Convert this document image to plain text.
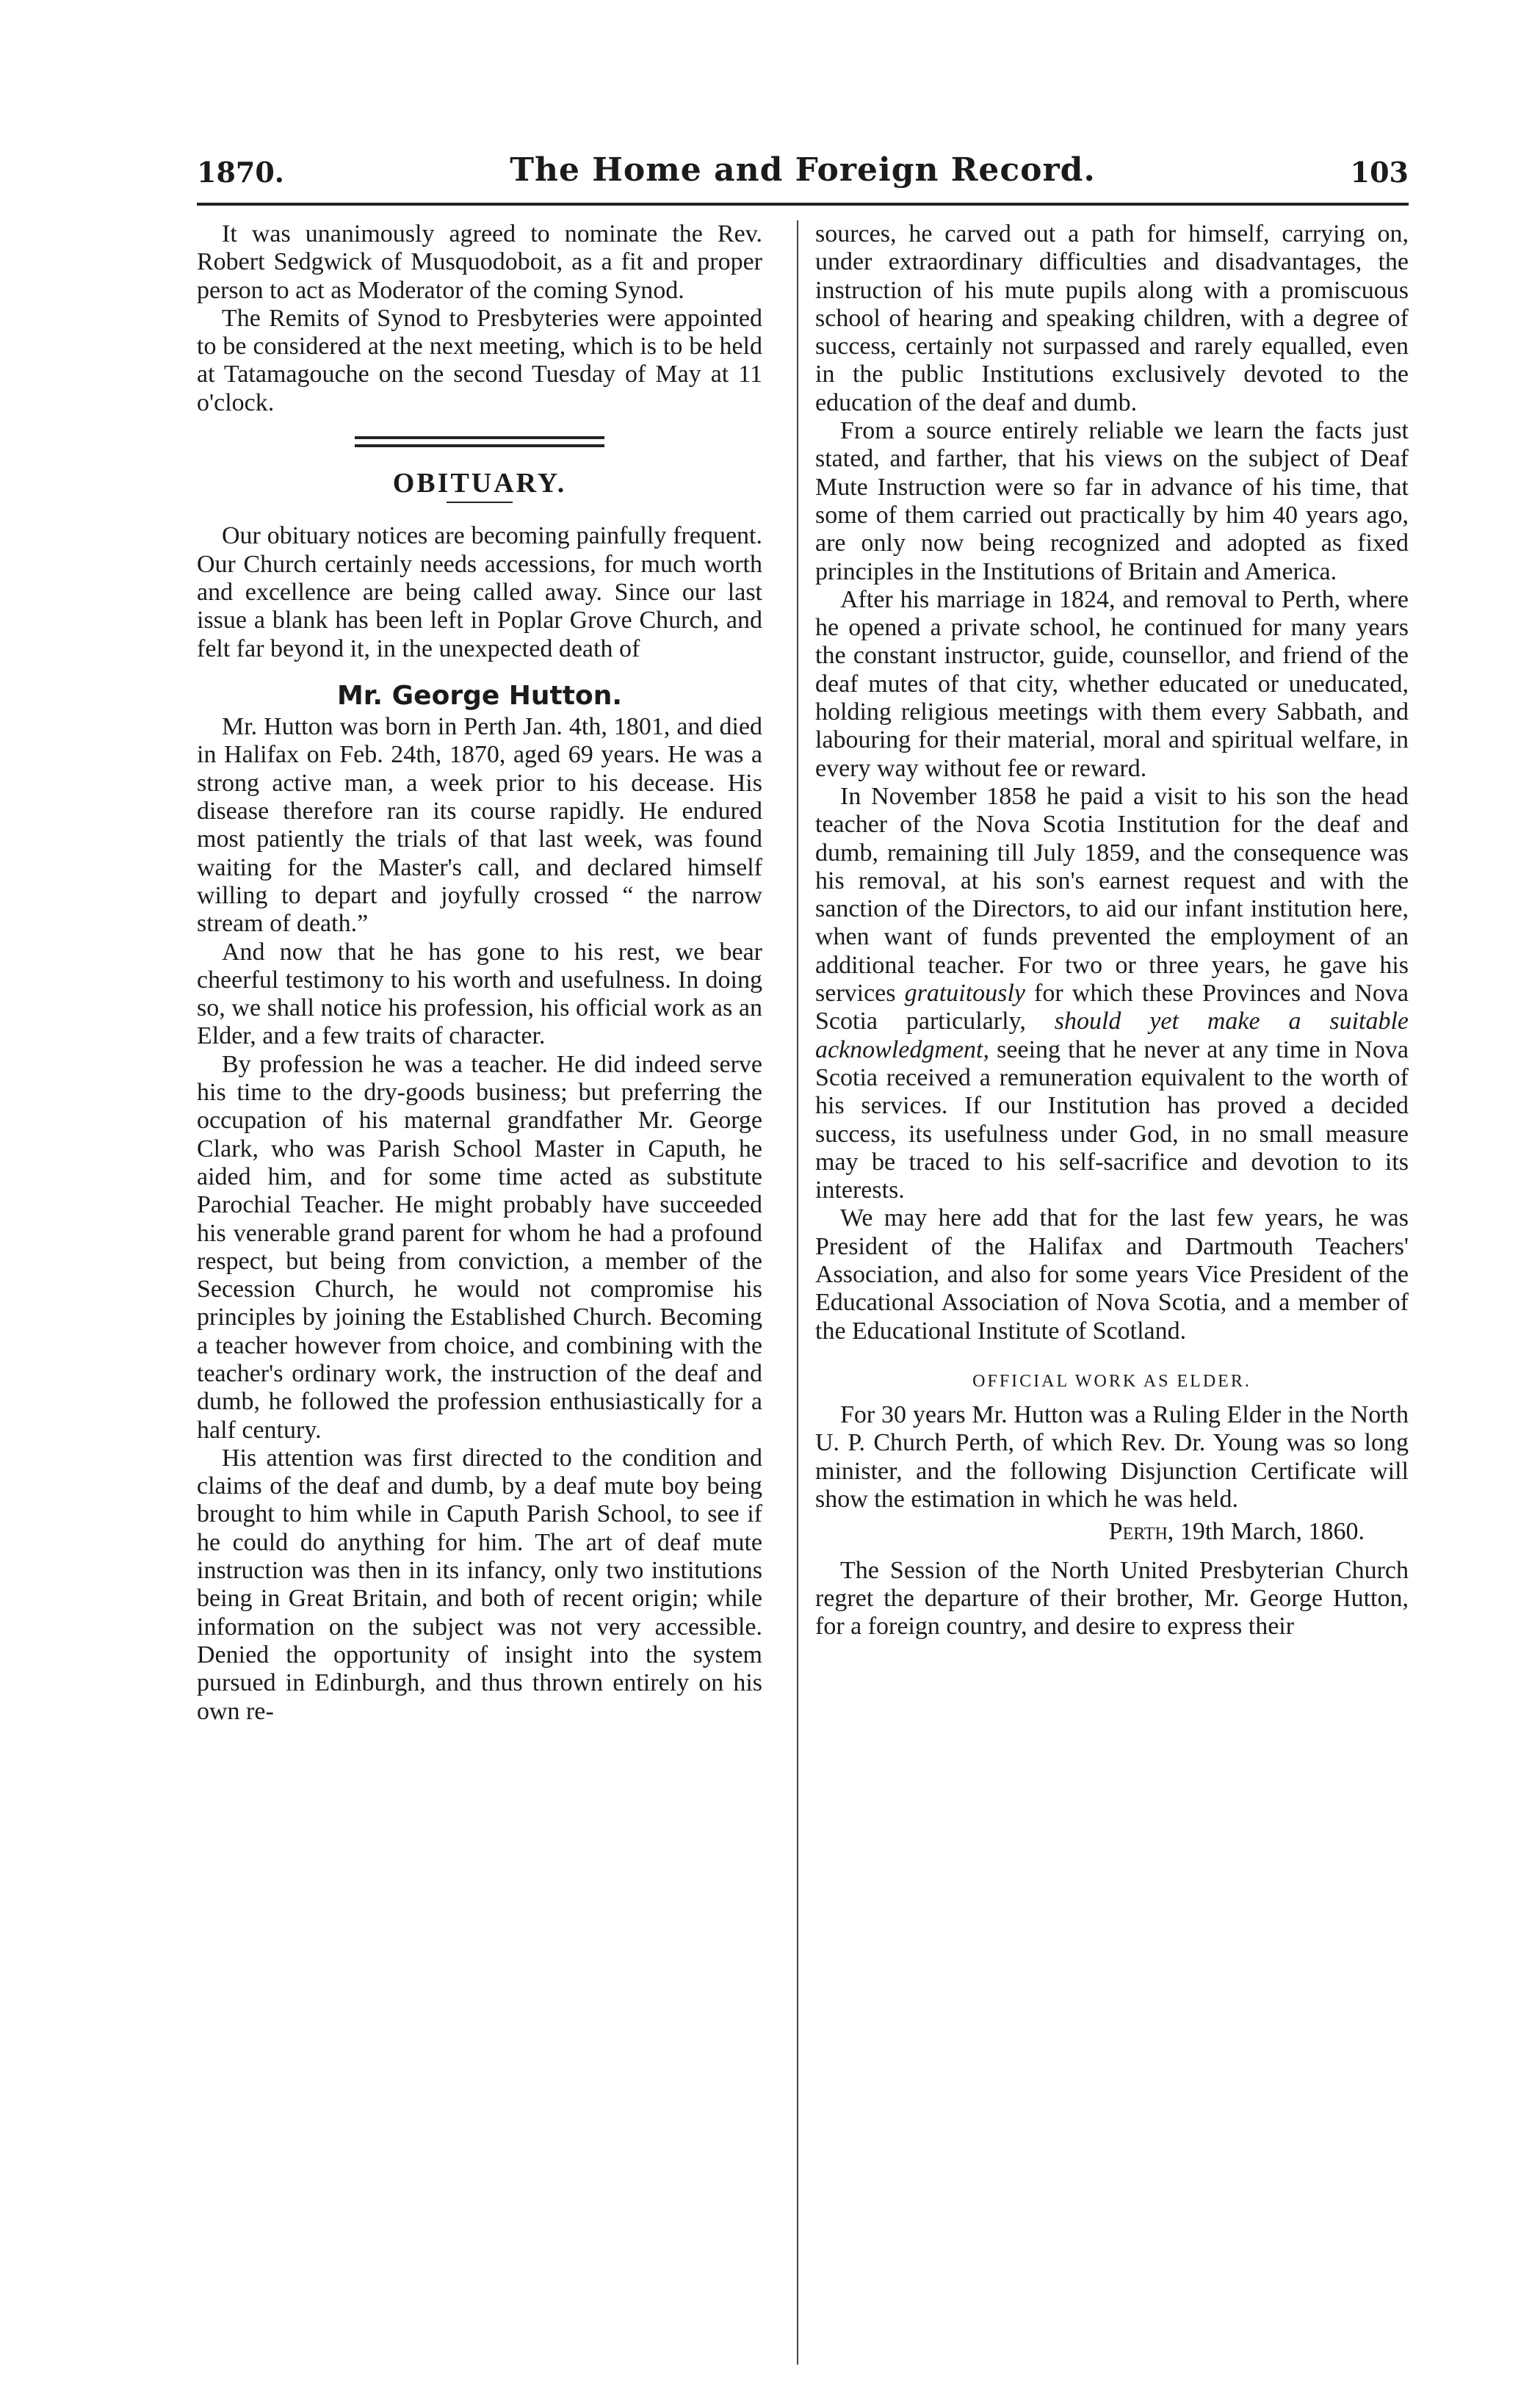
1870.	The Home and Foreign Record.	103

It was unanimously agreed to nominate the Rev. Robert Sedgwick of Musquodoboit, as a fit and proper person to act as Moderator of the coming Synod.

The Remits of Synod to Presbyteries were appointed to be considered at the next meeting, which is to be held at Tatamagouche on the second Tuesday of May at 11 o'clock.

OBITUARY.

Our obituary notices are becoming painfully frequent. Our Church certainly needs accessions, for much worth and excellence are being called away. Since our last issue a blank has been left in Poplar Grove Church, and felt far beyond it, in the unexpected death of

Mr. George Hutton.

Mr. Hutton was born in Perth Jan. 4th, 1801, and died in Halifax on Feb. 24th, 1870, aged 69 years. He was a strong active man, a week prior to his decease. His disease therefore ran its course rapidly. He endured most patiently the trials of that last week, was found waiting for the Master's call, and declared himself willing to depart and joyfully crossed “ the narrow stream of death.”

And now that he has gone to his rest, we bear cheerful testimony to his worth and usefulness. In doing so, we shall notice his profession, his official work as an Elder, and a few traits of character.

By profession he was a teacher. He did indeed serve his time to the dry-goods business; but preferring the occupation of his maternal grandfather Mr. George Clark, who was Parish School Master in Caputh, he aided him, and for some time acted as substitute Parochial Teacher. He might probably have succeeded his venerable grand parent for whom he had a profound respect, but being from conviction, a member of the Secession Church, he would not compromise his principles by joining the Established Church. Becoming a teacher however from choice, and combining with the teacher's ordinary work, the instruction of the deaf and dumb, he followed the profession enthusiastically for a half century.

His attention was first directed to the condition and claims of the deaf and dumb, by a deaf mute boy being brought to him while in Caputh Parish School, to see if he could do anything for him. The art of deaf mute instruction was then in its infancy, only two institutions being in Great Britain, and both of recent origin; while information on the subject was not very accessible. Denied the opportunity of insight into the system pursued in Edinburgh, and thus thrown entirely on his own re-

sources, he carved out a path for himself, carrying on, under extraordinary difficulties and disadvantages, the instruction of his mute pupils along with a promiscuous school of hearing and speaking children, with a degree of success, certainly not surpassed and rarely equalled, even in the public Institutions exclusively devoted to the education of the deaf and dumb.

From a source entirely reliable we learn the facts just stated, and farther, that his views on the subject of Deaf Mute Instruction were so far in advance of his time, that some of them carried out practically by him 40 years ago, are only now being recognized and adopted as fixed principles in the Institutions of Britain and America.

After his marriage in 1824, and removal to Perth, where he opened a private school, he continued for many years the constant instructor, guide, counsellor, and friend of the deaf mutes of that city, whether educated or uneducated, holding religious meetings with them every Sabbath, and labouring for their material, moral and spiritual welfare, in every way without fee or reward.

In November 1858 he paid a visit to his son the head teacher of the Nova Scotia Institution for the deaf and dumb, remaining till July 1859, and the consequence was his removal, at his son's earnest request and with the sanction of the Directors, to aid our infant institution here, when want of funds prevented the employment of an additional teacher. For two or three years, he gave his services gratuitously for which these Provinces and Nova Scotia particularly, should yet make a suitable acknowledgment, seeing that he never at any time in Nova Scotia received a remuneration equivalent to the worth of his services. If our Institution has proved a decided success, its usefulness under God, in no small measure may be traced to his self-sacrifice and devotion to its interests.

We may here add that for the last few years, he was President of the Halifax and Dartmouth Teachers' Association, and also for some years Vice President of the Educational Association of Nova Scotia, and a member of the Educational Institute of Scotland.

OFFICIAL WORK AS ELDER.

For 30 years Mr. Hutton was a Ruling Elder in the North U. P. Church Perth, of which Rev. Dr. Young was so long minister, and the following Disjunction Certificate will show the estimation in which he was held.

Perth, 19th March, 1860.

The Session of the North United Presbyterian Church regret the departure of their brother, Mr. George Hutton, for a foreign country, and desire to express their
